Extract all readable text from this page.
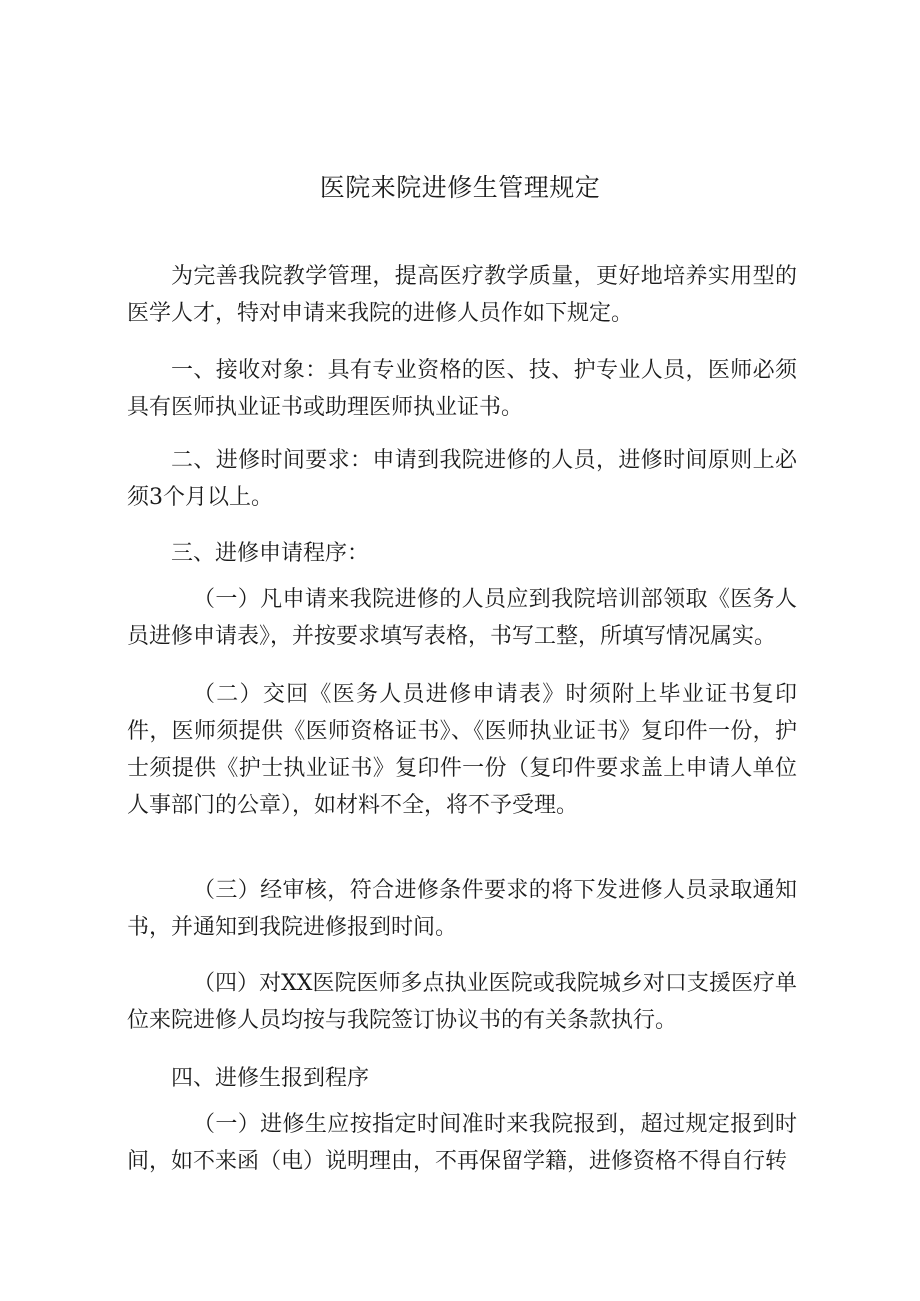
医院来院进修生管理规定

为完善我院教学管理，提高医疗教学质量，更好地培养实用型的医学人才，特对申请来我院的进修人员作如下规定。

一、接收对象：具有专业资格的医、技、护专业人员，医师必须具有医师执业证书或助理医师执业证书。

二、进修时间要求：申请到我院进修的人员，进修时间原则上必须3个月以上。

三、进修申请程序：

（一）凡申请来我院进修的人员应到我院培训部领取《医务人员进修申请表》，并按要求填写表格，书写工整，所填写情况属实。

（二）交回《医务人员进修申请表》时须附上毕业证书复印件，医师须提供《医师资格证书》、《医师执业证书》复印件一份，护士须提供《护士执业证书》复印件一份（复印件要求盖上申请人单位人事部门的公章），如材料不全，将不予受理。

（三）经审核，符合进修条件要求的将下发进修人员录取通知书，并通知到我院进修报到时间。

（四）对XX医院医师多点执业医院或我院城乡对口支援医疗单位来院进修人员均按与我院签订协议书的有关条款执行。

四、进修生报到程序

（一）进修生应按指定时间准时来我院报到，超过规定报到时间，如不来函（电）说明理由，不再保留学籍，进修资格不得自行转
